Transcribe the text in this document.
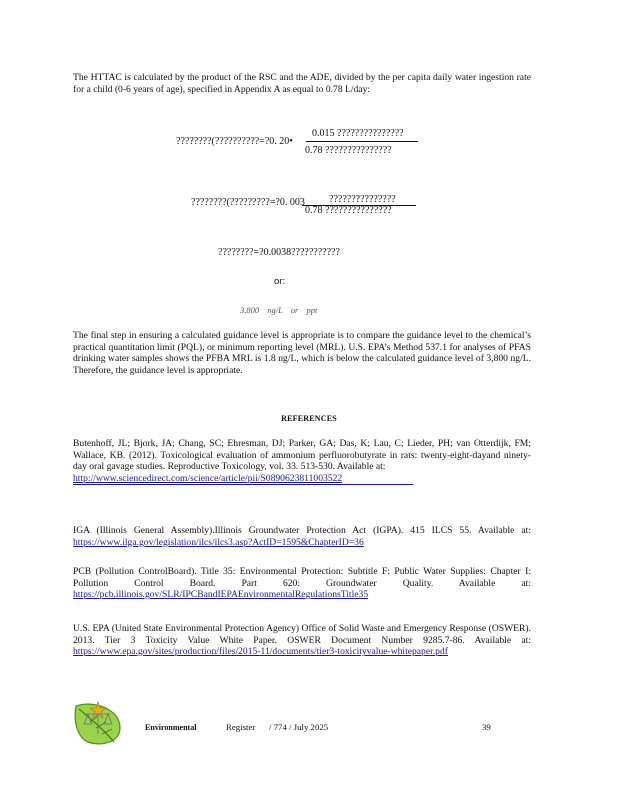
The HTTAC is calculated by the product of the RSC and the ADE, divided by the per capita daily water ingestion rate for a child (0-6 years of age), specified in Appendix A as equal to 0.78 L/day:

????????(??????????=?0. 20•
0.015 ???????????????
0.78 ???????????????
????????(?????????=?0. 003 ???????????????
0.78 ???????????????
????????=?0.0038???????????
or:
3,800 ng/L or ppt

The final step in ensuring a calculated guidance level is appropriate is to compare the guidance level to the chemical’s practical quantitation limit (PQL), or minimum reporting level (MRL). U.S. EPA’s Method 537.1 for analyses of PFAS drinking water samples shows the PFBA MRL is 1.8 ng/L, which is below the calculated guidance level of 3,800 ng/L. Therefore, the guidance level is appropriate.

REFERENCES
Butenhoff, JL; Bjork, JA; Chang, SC; Ehresman, DJ; Parker, GA; Das, K; Lau, C; Lieder, PH; van Otterdijk, FM; Wallace, KB. (2012). Toxicological evaluation of ammonium perfluorobutyrate in rats: twenty-eight-dayand ninety-day oral gavage studies. Reproductive Toxicology, vol. 33. 513-530. Available at:
http://www.sciencedirect.com/science/article/pii/S0890623811003522
IGA (Illinois General Assembly).Illinois Groundwater Protection Act (IGPA). 415 ILCS 55. Available at: https://www.ilga.gov/legislation/ilcs/ilcs3.asp?ActID=1595&ChapterID=36
PCB (Pollution ControlBoard). Title 35: Environmental Protection: Subtitle F: Public Water Supplies: Chapter I: Pollution Control Board. Part 620: Groundwater Quality. Available at: https://pcb.illinois.gov/SLR/IPCBandIEPAEnvironmentalRegulationsTitle35
U.S. EPA (United State Environmental Protection Agency) Office of Solid Waste and Emergency Response (OSWER). 2013. Tier 3 Toxicity Value White Paper. OSWER Document Number 9285.7-86. Available at: https://www.epa.gov/sites/production/files/2015-11/documents/tier3-toxicityvalue-whitepaper.pdf
Environmental	Register / 774 / July 2025	39
